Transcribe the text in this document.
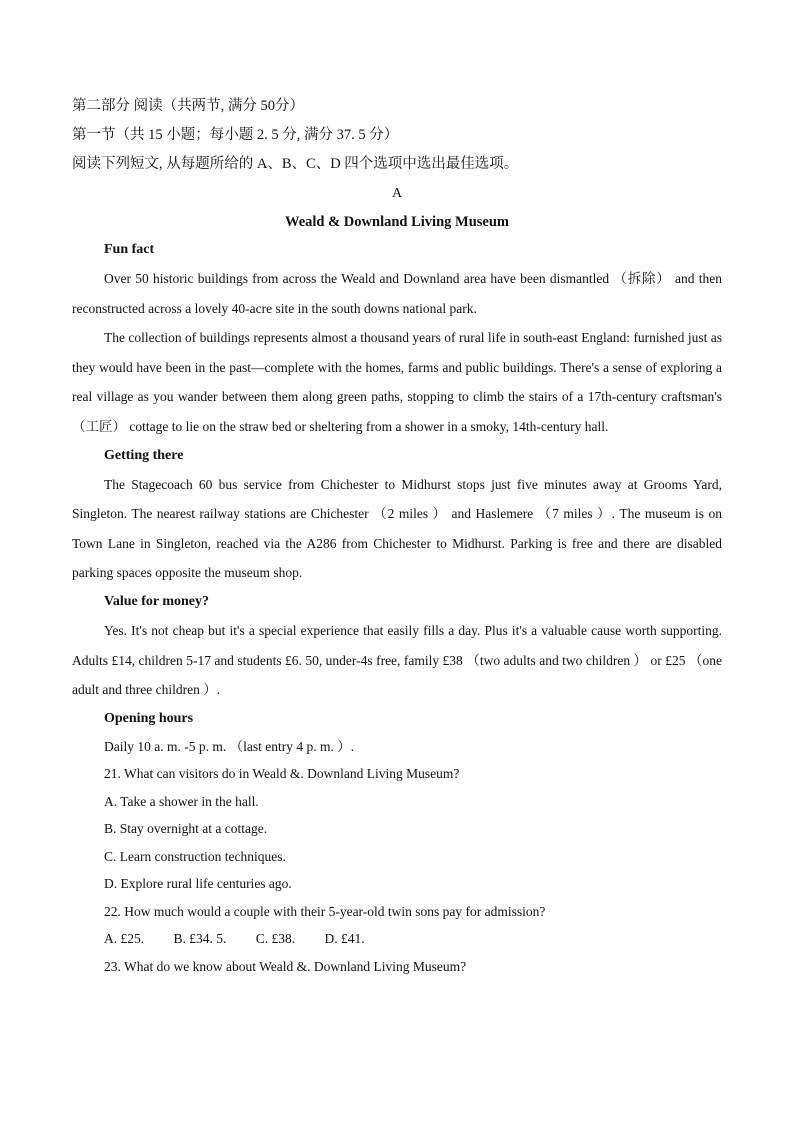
第二部分 阅读（共两节, 满分 50分）

第一节（共 15 小题；每小题 2. 5 分, 满分 37. 5 分）

阅读下列短文, 从每题所给的 A、B、C、D 四个选项中选出最佳选项。

A

Weald & Downland Living Museum

Fun fact

Over 50 historic buildings from across the Weald and Downland area have been dismantled （拆除） and then reconstructed across a lovely 40-acre site in the south downs national park.

The collection of buildings represents almost a thousand years of rural life in south-east England: furnished just as they would have been in the past—complete with the homes, farms and public buildings. There's a sense of exploring a real village as you wander between them along green paths, stopping to climb the stairs of a 17th-century craftsman's （工匠） cottage to lie on the straw bed or sheltering from a shower in a smoky, 14th-century hall.

Getting there

The Stagecoach 60 bus service from Chichester to Midhurst stops just five minutes away at Grooms Yard, Singleton. The nearest railway stations are Chichester （2 miles ） and Haslemere （7 miles ）. The museum is on Town Lane in Singleton, reached via the A286 from Chichester to Midhurst. Parking is free and there are disabled parking spaces opposite the museum shop.

Value for money?

Yes. It's not cheap but it's a special experience that easily fills a day. Plus it's a valuable cause worth supporting. Adults £14, children 5-17 and students £6. 50, under-4s free, family £38 （two adults and two children ） or £25 （one adult and three children ）.

Opening hours

Daily 10 a. m. -5 p. m. （last entry 4 p. m. ）.

21. What can visitors do in Weald &. Downland Living Museum?

A. Take a shower in the hall.

B. Stay overnight at a cottage.

C. Learn construction techniques.

D. Explore rural life centuries ago.

22. How much would a couple with their 5-year-old twin sons pay for admission?

A. £25. B. £34. 5. C. £38. D. £41.

23. What do we know about Weald &. Downland Living Museum?
